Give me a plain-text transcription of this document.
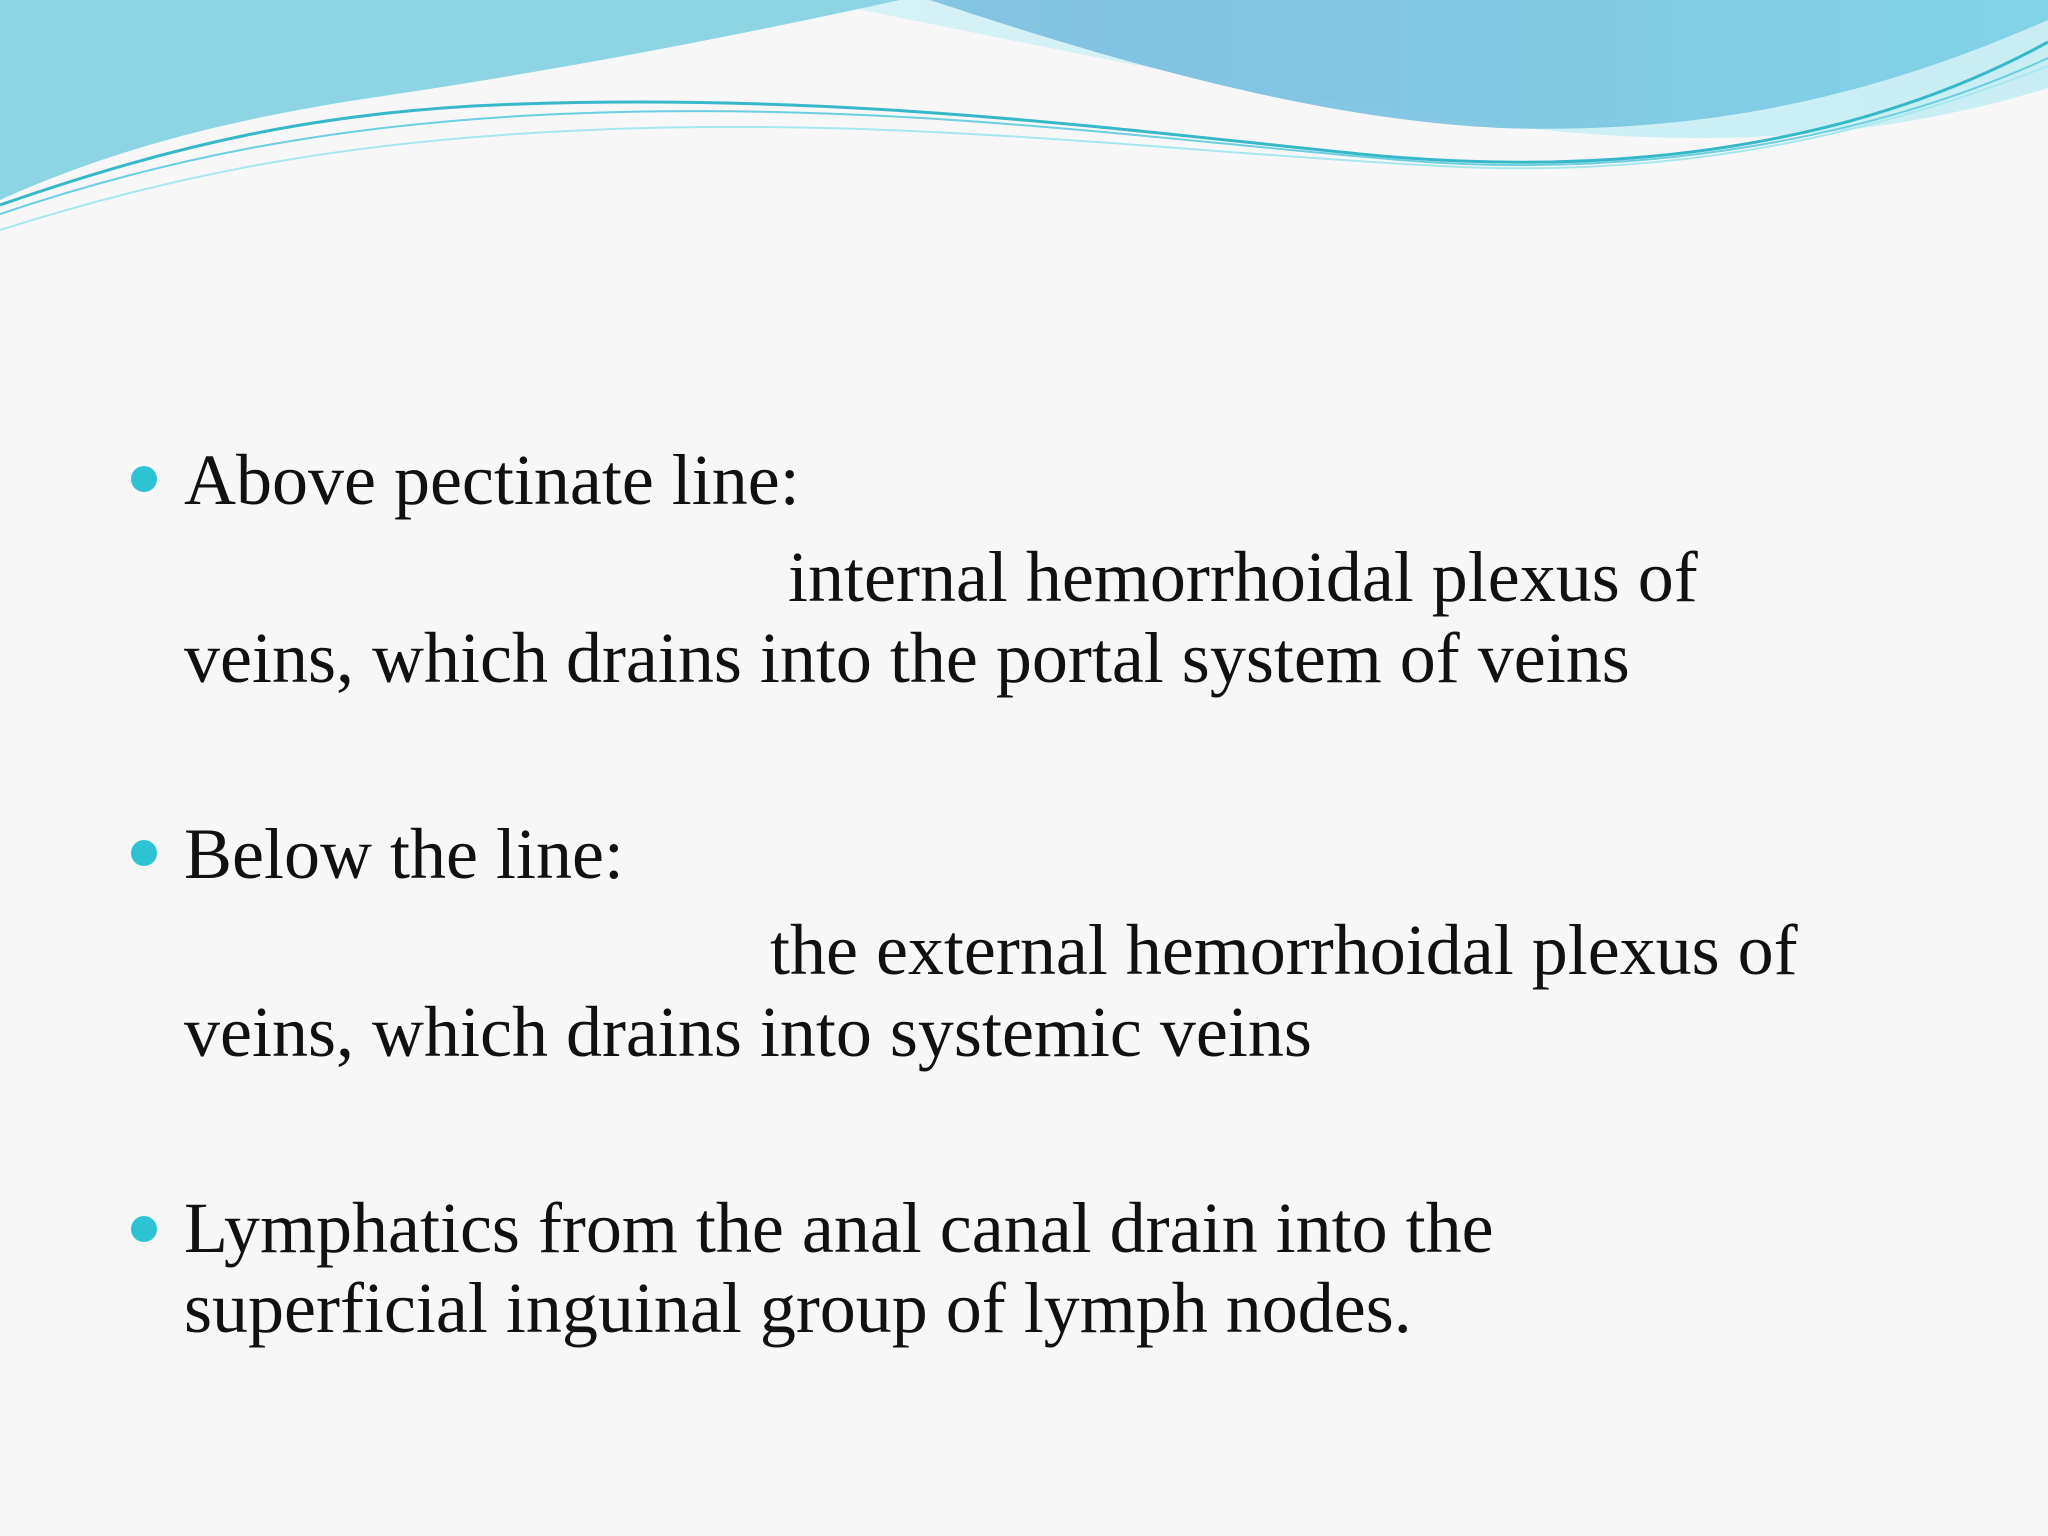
Above pectinate line:

internal hemorrhoidal plexus of

veins, which drains into the portal system of veins

Below the line:

the external hemorrhoidal plexus of

veins, which drains into systemic veins

Lymphatics from the anal canal drain into the

superficial inguinal group of lymph nodes.
